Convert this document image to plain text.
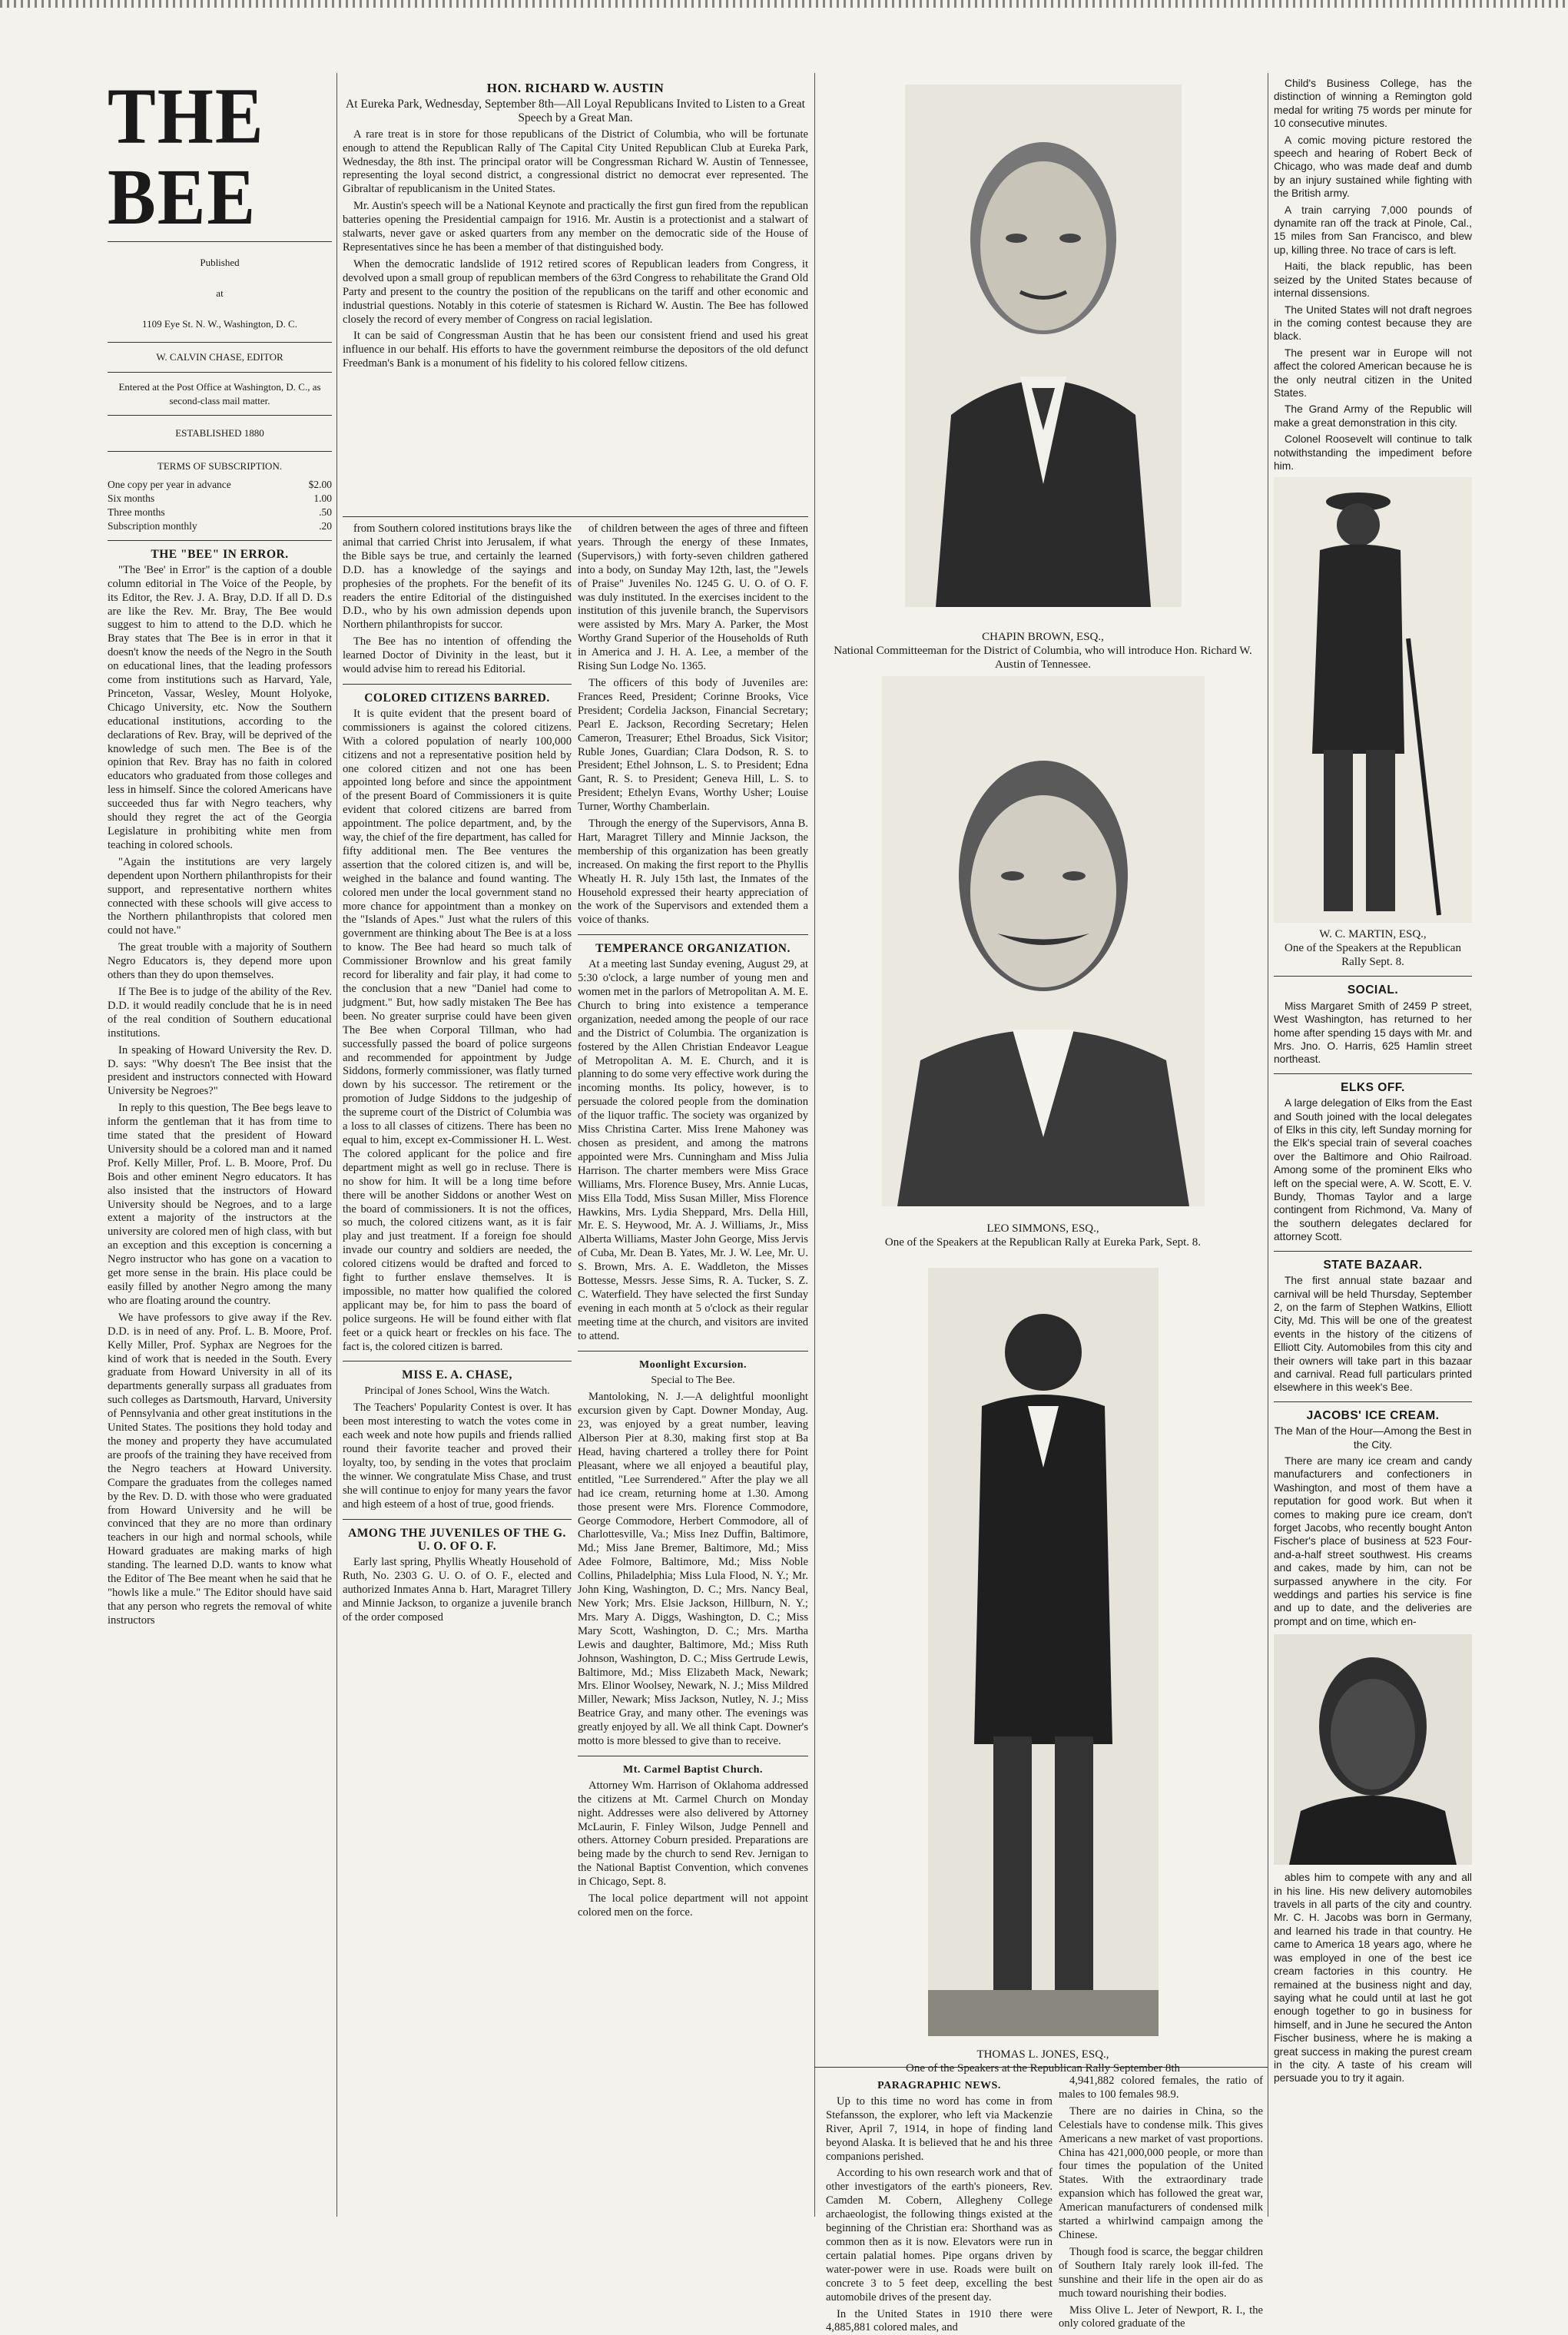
THE BEE
Published
at
1109 Eye St. N. W., Washington, D. C.
W. CALVIN CHASE, EDITOR
Entered at the Post Office at Washington, D. C., as second-class mail matter.
ESTABLISHED 1880
TERMS OF SUBSCRIPTION.
One copy per year in advance	$2.00
Six months	1.00
Three months	.50
Subscription monthly	.20
THE "BEE" IN ERROR.

"The 'Bee' in Error" is the caption of a double column editorial in The Voice of the People, by its Editor, the Rev. J. A. Bray, D.D. If all D. D.s are like the Rev. Mr. Bray, The Bee would suggest to him to attend to the D.D. which he Bray states that The Bee is in error in that it doesn't know the needs of the Negro in the South on educational lines, that the leading professors come from institutions such as Harvard, Yale, Princeton, Vassar, Wesley, Mount Holyoke, Chicago University, etc. Now the Southern educational institutions, according to the declarations of Rev. Bray, will be deprived of the knowledge of such men. The Bee is of the opinion that Rev. Bray has no faith in colored educators who graduated from those colleges and less in himself. Since the colored Americans have succeeded thus far with Negro teachers, why should they regret the act of the Georgia Legislature in prohibiting white men from teaching in colored schools.

"Again the institutions are very largely dependent upon Northern philanthropists for their support, and representative northern whites connected with these schools will give access to the Northern philanthropists that colored men could not have."

The great trouble with a majority of Southern Negro Educators is, they depend more upon others than they do upon themselves.

If The Bee is to judge of the ability of the Rev. D.D. it would readily conclude that he is in need of the real condition of Southern educational institutions.

In speaking of Howard University the Rev. D. D. says: "Why doesn't The Bee insist that the president and instructors connected with Howard University be Negroes?"

In reply to this question, The Bee begs leave to inform the gentleman that it has from time to time stated that the president of Howard University should be a colored man and it named Prof. Kelly Miller, Prof. L. B. Moore, Prof. Du Bois and other eminent Negro educators. It has also insisted that the instructors of Howard University should be Negroes, and to a large extent a majority of the instructors at the university are colored men of high class, with but an exception and this exception is concerning a Negro instructor who has gone on a vacation to get more sense in the brain. His place could be easily filled by another Negro among the many who are floating around the country.

We have professors to give away if the Rev. D.D. is in need of any. Prof. L. B. Moore, Prof. Kelly Miller, Prof. Syphax are Negroes for the kind of work that is needed in the South. Every graduate from Howard University in all of its departments generally surpass all graduates from such colleges as Dartsmouth, Harvard, University of Pennsylvania and other great institutions in the United States. The positions they hold today and the money and property they have accumulated are proofs of the training they have received from the Negro teachers at Howard University. Compare the graduates from the colleges named by the Rev. D. D. with those who were graduated from Howard University and he will be convinced that they are no more than ordinary teachers in our high and normal schools, while Howard graduates are making marks of high standing. The learned D.D. wants to know what the Editor of The Bee meant when he said that he "howls like a mule." The Editor should have said that any person who regrets the removal of white instructors

HON. RICHARD W. AUSTIN
At Eureka Park, Wednesday, September 8th—All Loyal Republicans Invited to Listen to a Great Speech by a Great Man.

A rare treat is in store for those republicans of the District of Columbia, who will be fortunate enough to attend the Republican Rally of The Capital City United Republican Club at Eureka Park, Wednesday, the 8th inst. The principal orator will be Congressman Richard W. Austin of Tennessee, representing the loyal second district, a congressional district no democrat ever represented. The Gibraltar of republicanism in the United States.

Mr. Austin's speech will be a National Keynote and practically the first gun fired from the republican batteries opening the Presidential campaign for 1916. Mr. Austin is a protectionist and a stalwart of stalwarts, never gave or asked quarters from any member on the democratic side of the House of Representatives since he has been a member of that distinguished body.

When the democratic landslide of 1912 retired scores of Republican leaders from Congress, it devolved upon a small group of republican members of the 63rd Congress to rehabilitate the Grand Old Party and present to the country the position of the republicans on the tariff and other economic and industrial questions. Notably in this coterie of statesmen is Richard W. Austin. The Bee has followed closely the record of every member of Congress on racial legislation.

It can be said of Congressman Austin that he has been our consistent friend and used his great influence in our behalf. His efforts to have the government reimburse the depositors of the old defunct Freedman's Bank is a monument of his fidelity to his colored fellow citizens.

from Southern colored institutions brays like the animal that carried Christ into Jerusalem, if what the Bible says be true, and certainly the learned D.D. has a knowledge of the sayings and prophesies of the prophets. For the benefit of its readers the entire Editorial of the distinguished D.D., who by his own admission depends upon Northern philanthropists for succor.

The Bee has no intention of offending the learned Doctor of Divinity in the least, but it would advise him to reread his Editorial.

COLORED CITIZENS BARRED.

It is quite evident that the present board of commissioners is against the colored citizens. With a colored population of nearly 100,000 citizens and not a representative position held by one colored citizen and not one has been appointed long before and since the appointment of the present Board of Commissioners it is quite evident that colored citizens are barred from appointment. The police department, and, by the way, the chief of the fire department, has called for fifty additional men. The Bee ventures the assertion that the colored citizen is, and will be, weighed in the balance and found wanting. The colored men under the local government stand no more chance for appointment than a monkey on the "Islands of Apes." Just what the rulers of this government are thinking about The Bee is at a loss to know. The Bee had heard so much talk of Commissioner Brownlow and his great family record for liberality and fair play, it had come to the conclusion that a new "Daniel had come to judgment." But, how sadly mistaken The Bee has been. No greater surprise could have been given The Bee when Corporal Tillman, who had successfully passed the board of police surgeons and recommended for appointment by Judge Siddons, formerly commissioner, was flatly turned down by his successor. The retirement or the promotion of Judge Siddons to the judgeship of the supreme court of the District of Columbia was a loss to all classes of citizens. There has been no equal to him, except ex-Commissioner H. L. West. The colored applicant for the police and fire department might as well go in recluse. There is no show for him. It will be a long time before there will be another Siddons or another West on the board of commissioners. It is not the offices, so much, the colored citizens want, as it is fair play and just treatment. If a foreign foe should invade our country and soldiers are needed, the colored citizens would be drafted and forced to fight to further enslave themselves. It is impossible, no matter how qualified the colored applicant may be, for him to pass the board of police surgeons. He will be found either with flat feet or a quick heart or freckles on his face. The fact is, the colored citizen is barred.

MISS E. A. CHASE,
Principal of Jones School, Wins the Watch.

The Teachers' Popularity Contest is over. It has been most interesting to watch the votes come in each week and note how pupils and friends rallied round their favorite teacher and proved their loyalty, too, by sending in the votes that proclaim the winner. We congratulate Miss Chase, and trust she will continue to enjoy for many years the favor and high esteem of a host of true, good friends.

AMONG THE JUVENILES OF THE G. U. O. OF O. F.

Early last spring, Phyllis Wheatly Household of Ruth, No. 2303 G. U. O. of O. F., elected and authorized Inmates Anna b. Hart, Maragret Tillery and Minnie Jackson, to organize a juvenile branch of the order composed

of children between the ages of three and fifteen years. Through the energy of these Inmates, (Supervisors,) with forty-seven children gathered into a body, on Sunday May 12th, last, the "Jewels of Praise" Juveniles No. 1245 G. U. O. of O. F. was duly instituted. In the exercises incident to the institution of this juvenile branch, the Supervisors were assisted by Mrs. Mary A. Parker, the Most Worthy Grand Superior of the Households of Ruth in America and J. H. A. Lee, a member of the Rising Sun Lodge No. 1365.

The officers of this body of Juveniles are: Frances Reed, President; Corinne Brooks, Vice President; Cordelia Jackson, Financial Secretary; Pearl E. Jackson, Recording Secretary; Helen Cameron, Treasurer; Ethel Broadus, Sick Visitor; Ruble Jones, Guardian; Clara Dodson, R. S. to President; Ethel Johnson, L. S. to President; Edna Gant, R. S. to President; Geneva Hill, L. S. to President; Ethelyn Evans, Worthy Usher; Louise Turner, Worthy Chamberlain.

Through the energy of the Supervisors, Anna B. Hart, Maragret Tillery and Minnie Jackson, the membership of this organization has been greatly increased. On making the first report to the Phyllis Wheatly H. R. July 15th last, the Inmates of the Household expressed their hearty appreciation of the work of the Supervisors and extended them a voice of thanks.

TEMPERANCE ORGANIZATION.

At a meeting last Sunday evening, August 29, at 5:30 o'clock, a large number of young men and women met in the parlors of Metropolitan A. M. E. Church to bring into existence a temperance organization, needed among the people of our race and the District of Columbia. The organization is fostered by the Allen Christian Endeavor League of Metropolitan A. M. E. Church, and it is planning to do some very effective work during the incoming months. Its policy, however, is to persuade the colored people from the domination of the liquor traffic. The society was organized by Miss Christina Carter. Miss Irene Mahoney was chosen as president, and among the matrons appointed were Mrs. Cunningham and Miss Julia Harrison. The charter members were Miss Grace Williams, Mrs. Florence Busey, Mrs. Annie Lucas, Miss Ella Todd, Miss Susan Miller, Miss Florence Hawkins, Mrs. Lydia Sheppard, Mrs. Della Hill, Mr. E. S. Heywood, Mr. A. J. Williams, Jr., Miss Alberta Williams, Master John George, Miss Jervis of Cuba, Mr. Dean B. Yates, Mr. J. W. Lee, Mr. U. S. Brown, Mrs. A. E. Waddleton, the Misses Bottesse, Messrs. Jesse Sims, R. A. Tucker, S. Z. C. Waterfield. They have selected the first Sunday evening in each month at 5 o'clock as their regular meeting time at the church, and visitors are invited to attend.

Moonlight Excursion.
Special to The Bee.

Mantoloking, N. J.—A delightful moonlight excursion given by Capt. Downer Monday, Aug. 23, was enjoyed by a great number, leaving Alberson Pier at 8.30, making first stop at Ba Head, having chartered a trolley there for Point Pleasant, where we all enjoyed a beautiful play, entitled, "Lee Surrendered." After the play we all had ice cream, returning home at 1.30. Among those present were Mrs. Florence Commodore, George Commodore, Herbert Commodore, all of Charlottesville, Va.; Miss Inez Duffin, Baltimore, Md.; Miss Jane Bremer, Baltimore, Md.; Miss Adee Folmore, Baltimore, Md.; Miss Noble Collins, Philadelphia; Miss Lula Flood, N. Y.; Mr. John King, Washington, D. C.; Mrs. Nancy Beal, New York; Mrs. Elsie Jackson, Hillburn, N. Y.; Mrs. Mary A. Diggs, Washington, D. C.; Miss Mary Scott, Washington, D. C.; Mrs. Martha Lewis and daughter, Baltimore, Md.; Miss Ruth Johnson, Washington, D. C.; Miss Gertrude Lewis, Baltimore, Md.; Miss Elizabeth Mack, Newark; Mrs. Elinor Woolsey, Newark, N. J.; Miss Mildred Miller, Newark; Miss Jackson, Nutley, N. J.; Miss Beatrice Gray, and many other. The evenings was greatly enjoyed by all. We all think Capt. Downer's motto is more blessed to give than to receive.

Mt. Carmel Baptist Church.

Attorney Wm. Harrison of Oklahoma addressed the citizens at Mt. Carmel Church on Monday night. Addresses were also delivered by Attorney McLaurin, F. Finley Wilson, Judge Pennell and others. Attorney Coburn presided. Preparations are being made by the church to send Rev. Jernigan to the National Baptist Convention, which convenes in Chicago, Sept. 8.

The local police department will not appoint colored men on the force.

CHAPIN BROWN, ESQ.,
National Committeeman for the District of Columbia, who will introduce Hon. Richard W. Austin of Tennessee.
LEO SIMMONS, ESQ.,
One of the Speakers at the Republican Rally at Eureka Park, Sept. 8.
THOMAS L. JONES, ESQ.,
One of the Speakers at the Republican Rally September 8th
PARAGRAPHIC NEWS.

Up to this time no word has come in from Stefansson, the explorer, who left via Mackenzie River, April 7, 1914, in hope of finding land beyond Alaska. It is believed that he and his three companions perished.

According to his own research work and that of other investigators of the earth's pioneers, Rev. Camden M. Cobern, Allegheny College archaeologist, the following things existed at the beginning of the Christian era: Shorthand was as common then as it is now. Elevators were run in certain palatial homes. Pipe organs driven by water-power were in use. Roads were built on concrete 3 to 5 feet deep, excelling the best automobile drives of the present day.

In the United States in 1910 there were 4,885,881 colored males, and

4,941,882 colored females, the ratio of males to 100 females 98.9.

There are no dairies in China, so the Celestials have to condense milk. This gives Americans a new market of vast proportions. China has 421,000,000 people, or more than four times the population of the United States. With the extraordinary trade expansion which has followed the great war, American manufacturers of condensed milk started a whirlwind campaign among the Chinese.

Though food is scarce, the beggar children of Southern Italy rarely look ill-fed. The sunshine and their life in the open air do as much toward nourishing their bodies.

Miss Olive L. Jeter of Newport, R. I., the only colored graduate of the

Child's Business College, has the distinction of winning a Remington gold medal for writing 75 words per minute for 10 consecutive minutes.

A comic moving picture restored the speech and hearing of Robert Beck of Chicago, who was made deaf and dumb by an injury sustained while fighting with the British army.

A train carrying 7,000 pounds of dynamite ran off the track at Pinole, Cal., 15 miles from San Francisco, and blew up, killing three. No trace of cars is left.

Haiti, the black republic, has been seized by the United States because of internal dissensions.

The United States will not draft negroes in the coming contest because they are black.

The present war in Europe will not affect the colored American because he is the only neutral citizen in the United States.

The Grand Army of the Republic will make a great demonstration in this city.

Colonel Roosevelt will continue to talk notwithstanding the impediment before him.

W. C. MARTIN, ESQ.,
One of the Speakers at the Republican Rally Sept. 8.
SOCIAL.

Miss Margaret Smith of 2459 P street, West Washington, has returned to her home after spending 15 days with Mr. and Mrs. Jno. O. Harris, 625 Hamlin street northeast.

ELKS OFF.

A large delegation of Elks from the East and South joined with the local delegates of Elks in this city, left Sunday morning for the Elk's special train of several coaches over the Baltimore and Ohio Railroad. Among some of the prominent Elks who left on the special were, A. W. Scott, E. V. Bundy, Thomas Taylor and a large contingent from Richmond, Va. Many of the southern delegates declared for attorney Scott.

STATE BAZAAR.

The first annual state bazaar and carnival will be held Thursday, September 2, on the farm of Stephen Watkins, Elliott City, Md. This will be one of the greatest events in the history of the citizens of Elliott City. Automobiles from this city and their owners will take part in this bazaar and carnival. Read full particulars printed elsewhere in this week's Bee.

JACOBS' ICE CREAM.
The Man of the Hour—Among the Best in the City.

There are many ice cream and candy manufacturers and confectioners in Washington, and most of them have a reputation for good work. But when it comes to making pure ice cream, don't forget Jacobs, who recently bought Anton Fischer's place of business at 523 Four-and-a-half street southwest. His creams and cakes, made by him, can not be surpassed anywhere in the city. For weddings and parties his service is fine and up to date, and the deliveries are prompt and on time, which en-

ables him to compete with any and all in his line. His new delivery automobiles travels in all parts of the city and country. Mr. C. H. Jacobs was born in Germany, and learned his trade in that country. He came to America 18 years ago, where he was employed in one of the best ice cream factories in this country. He remained at the business night and day, saying what he could until at last he got enough together to go in business for himself, and in June he secured the Anton Fischer business, where he is making a great success in making the purest cream in the city. A taste of his cream will persuade you to try it again.
